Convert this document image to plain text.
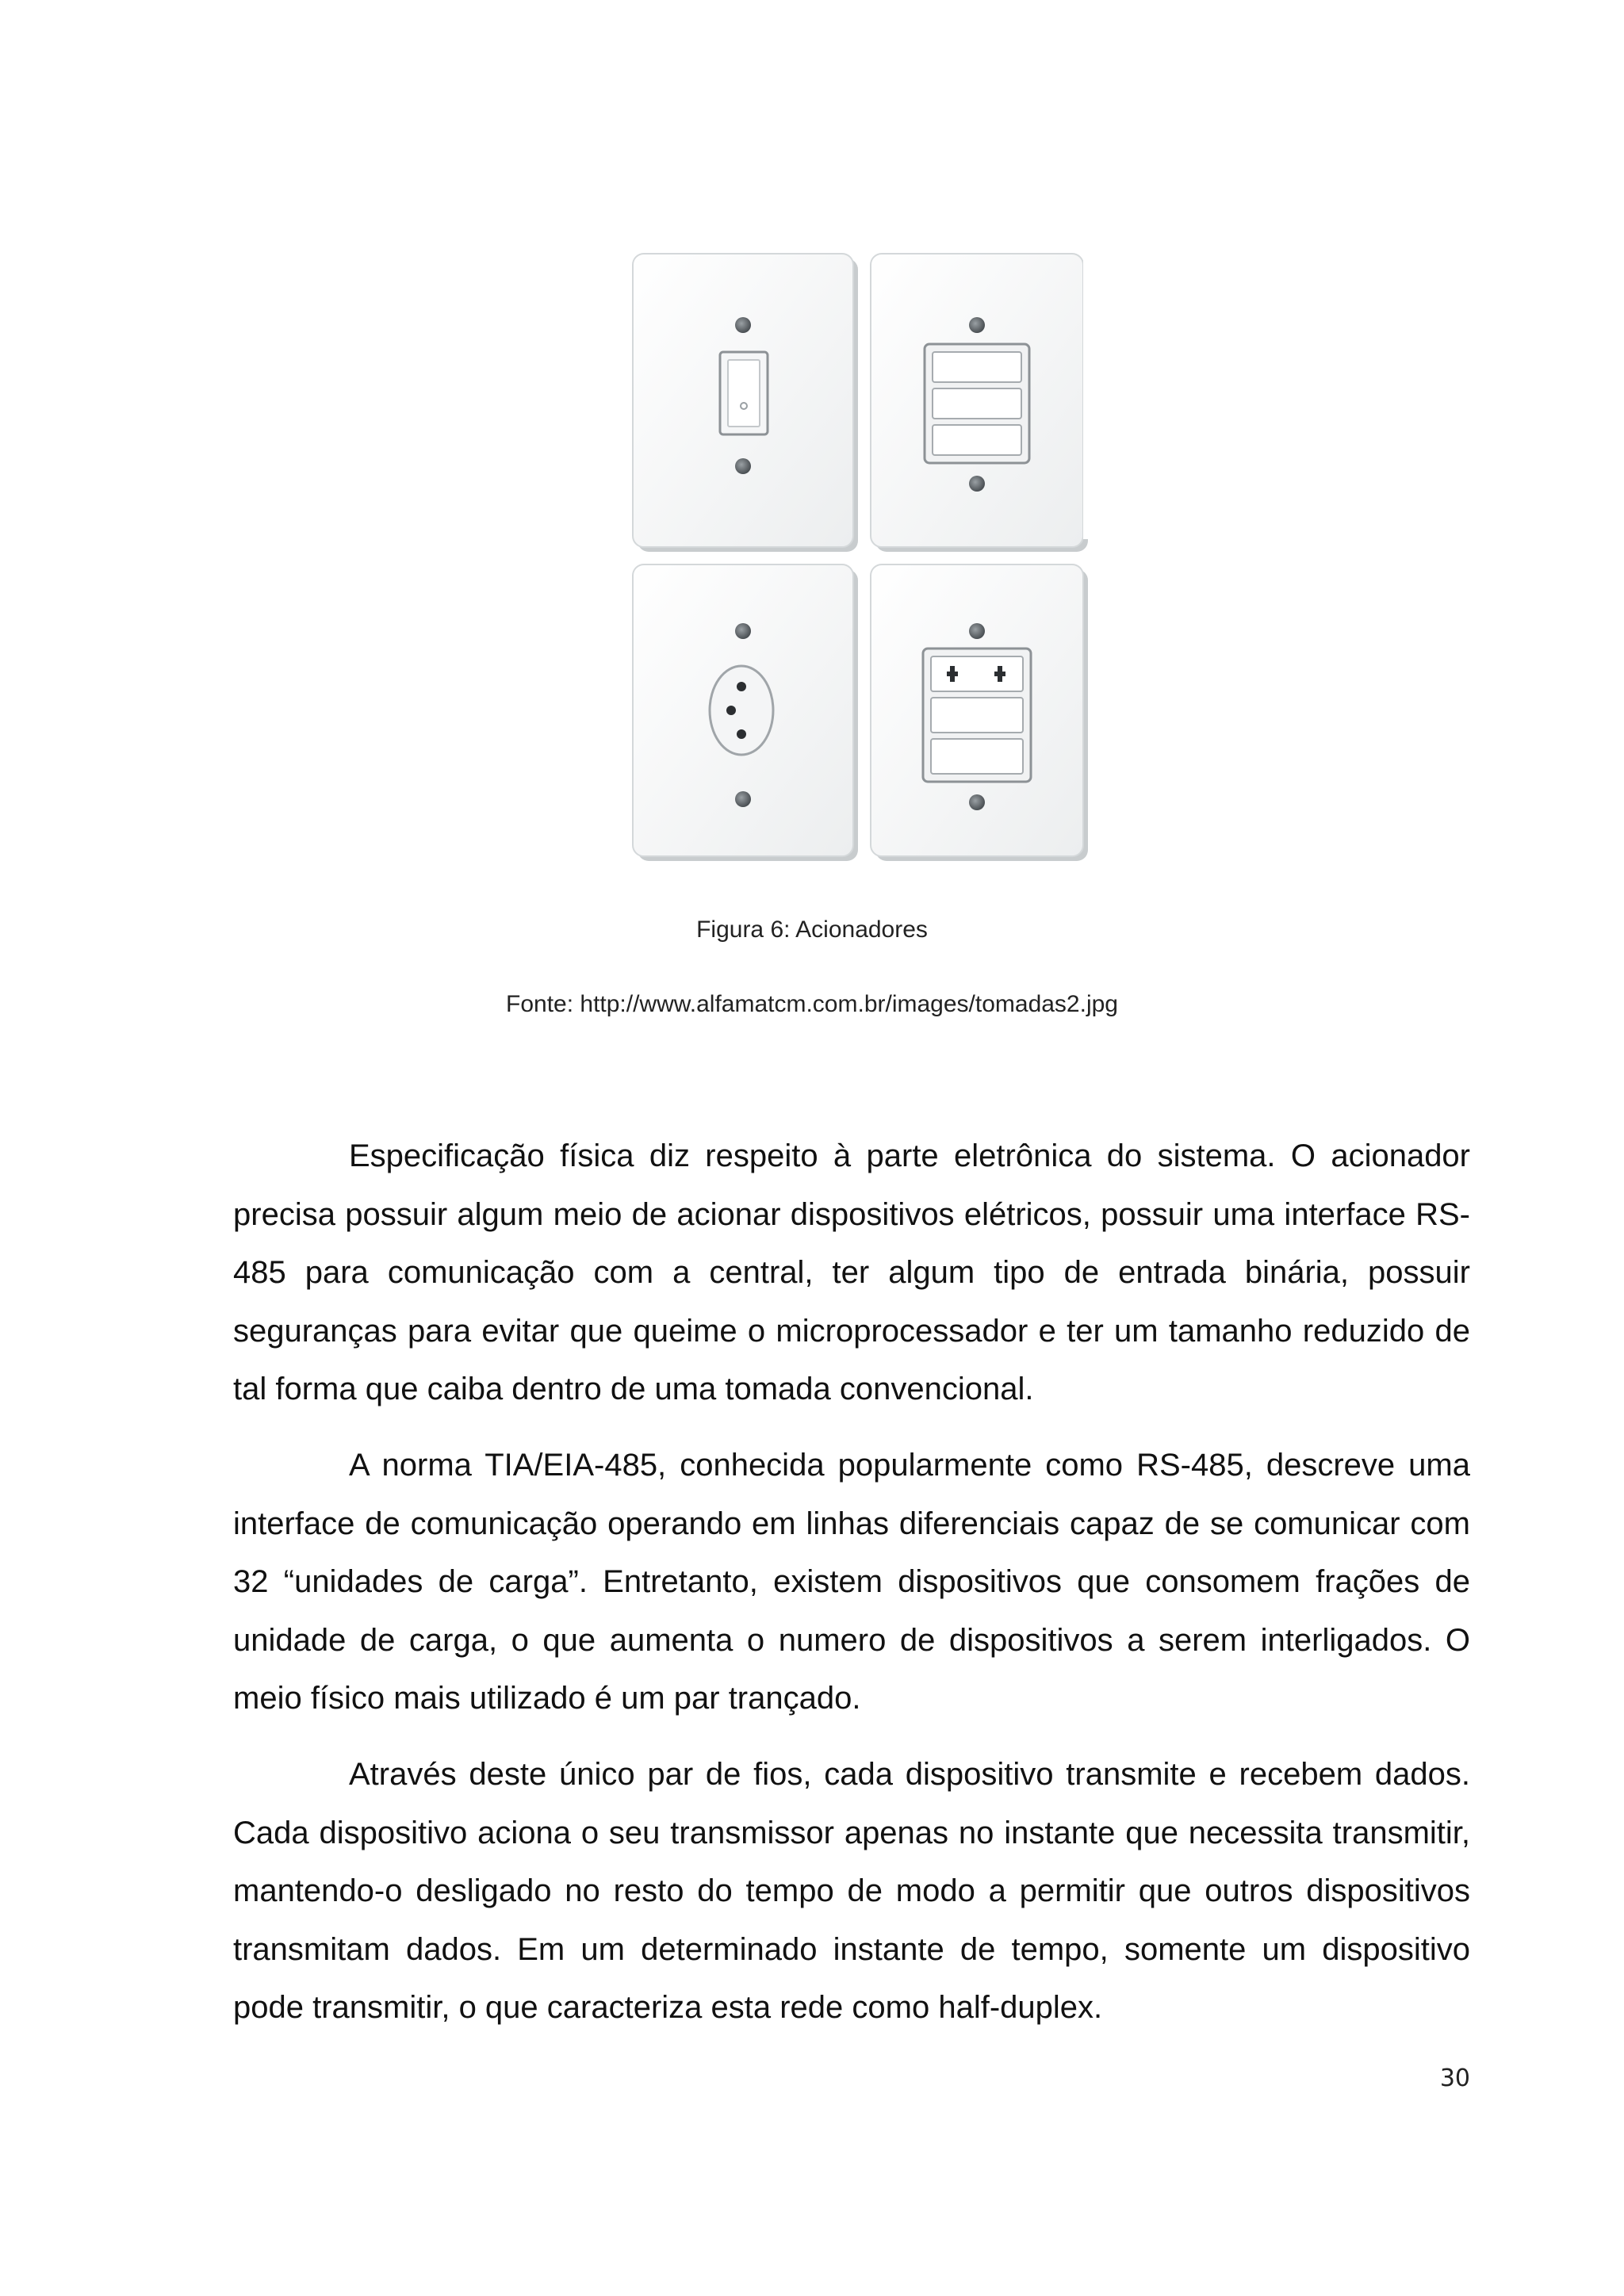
Figura 6: Acionadores
Fonte: http://www.alfamatcm.com.br/images/tomadas2.jpg

Especificação física diz respeito à parte eletrônica do sistema. O acionador precisa possuir algum meio de acionar dispositivos elétricos, possuir uma interface RS-485 para comunicação com a central, ter algum tipo de entrada binária, possuir seguranças para evitar que queime o microprocessador e ter um tamanho reduzido de tal forma que caiba dentro de uma tomada convencional.

A norma TIA/EIA-485, conhecida popularmente como RS-485, descreve uma interface de comunicação operando em linhas diferenciais capaz de se comunicar com 32 “unidades de carga”. Entretanto, existem dispositivos que consomem frações de unidade de carga, o que aumenta o numero de dispositivos a serem interligados. O meio físico mais utilizado é um par trançado.

Através deste único par de fios, cada dispositivo transmite e recebem dados. Cada dispositivo aciona o seu transmissor apenas no instante que necessita transmitir, mantendo-o desligado no resto do tempo de modo a permitir que outros dispositivos transmitam dados. Em um determinado instante de tempo, somente um dispositivo pode transmitir, o que caracteriza esta rede como half-duplex.

30
